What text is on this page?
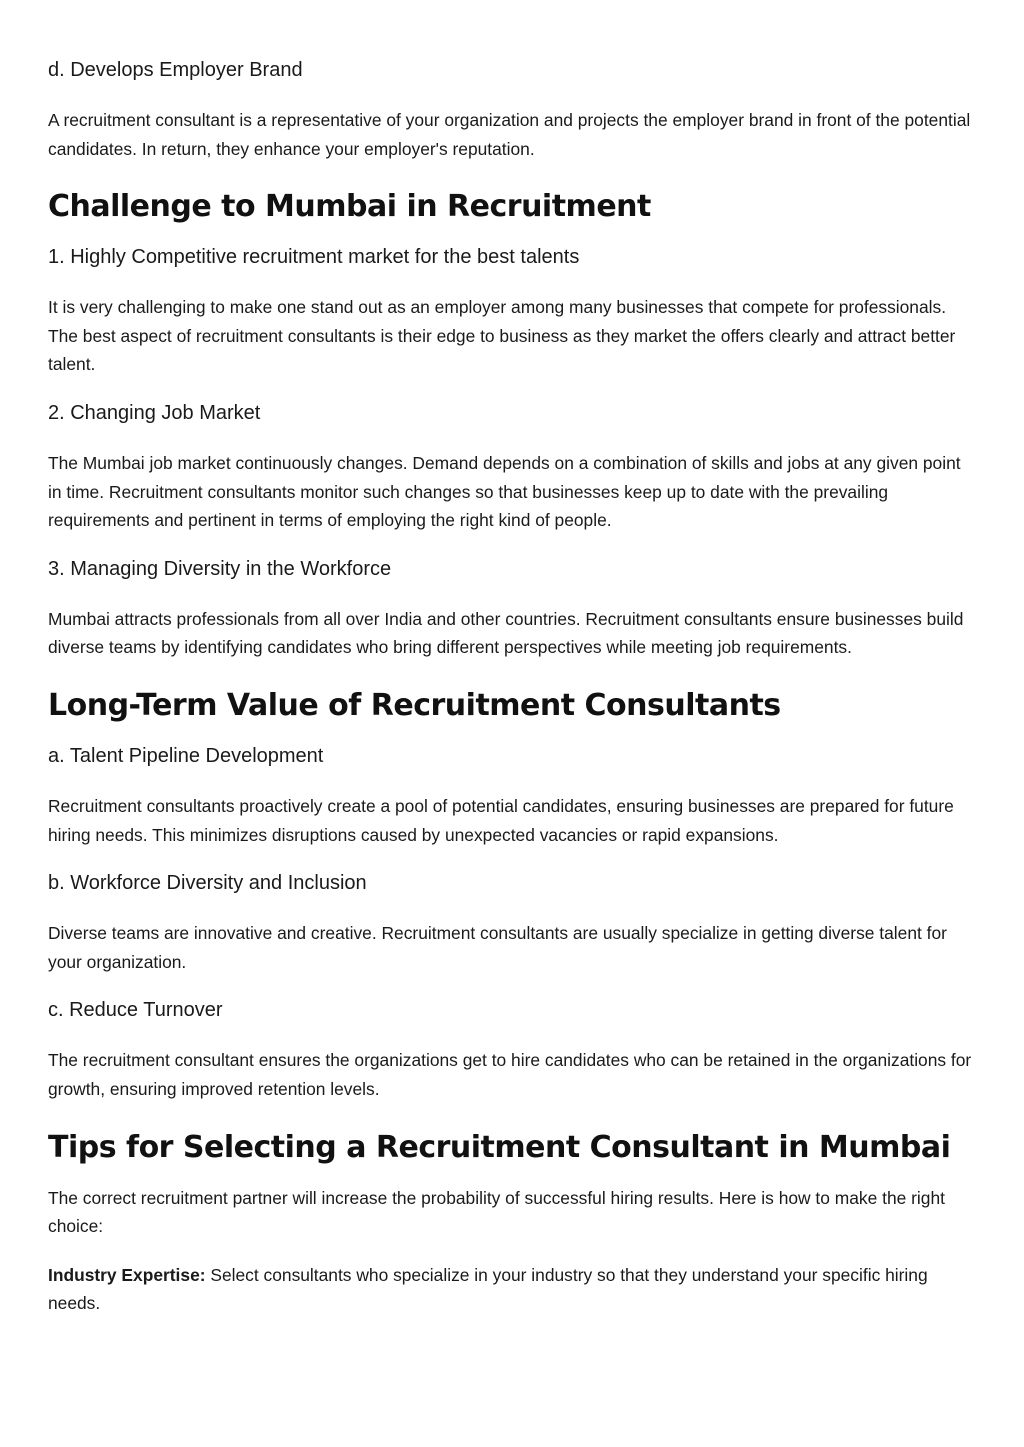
d. Develops Employer Brand

A recruitment consultant is a representative of your organization and projects the employer brand in front of the potential candidates. In return, they enhance your employer's reputation.

Challenge to Mumbai in Recruitment
1. Highly Competitive recruitment market for the best talents

It is very challenging to make one stand out as an employer among many businesses that compete for professionals. The best aspect of recruitment consultants is their edge to business as they market the offers clearly and attract better talent.

2. Changing Job Market

The Mumbai job market continuously changes. Demand depends on a combination of skills and jobs at any given point in time. Recruitment consultants monitor such changes so that businesses keep up to date with the prevailing requirements and pertinent in terms of employing the right kind of people.

3. Managing Diversity in the Workforce

Mumbai attracts professionals from all over India and other countries. Recruitment consultants ensure businesses build diverse teams by identifying candidates who bring different perspectives while meeting job requirements.

Long-Term Value of Recruitment Consultants
a. Talent Pipeline Development

Recruitment consultants proactively create a pool of potential candidates, ensuring businesses are prepared for future hiring needs. This minimizes disruptions caused by unexpected vacancies or rapid expansions.

b. Workforce Diversity and Inclusion

Diverse teams are innovative and creative. Recruitment consultants are usually specialize in getting diverse talent for your organization.

c. Reduce Turnover

The recruitment consultant ensures the organizations get to hire candidates who can be retained in the organizations for growth, ensuring improved retention levels.

Tips for Selecting a Recruitment Consultant in Mumbai

The correct recruitment partner will increase the probability of successful hiring results. Here is how to make the right choice:

Industry Expertise: Select consultants who specialize in your industry so that they understand your specific hiring needs.
